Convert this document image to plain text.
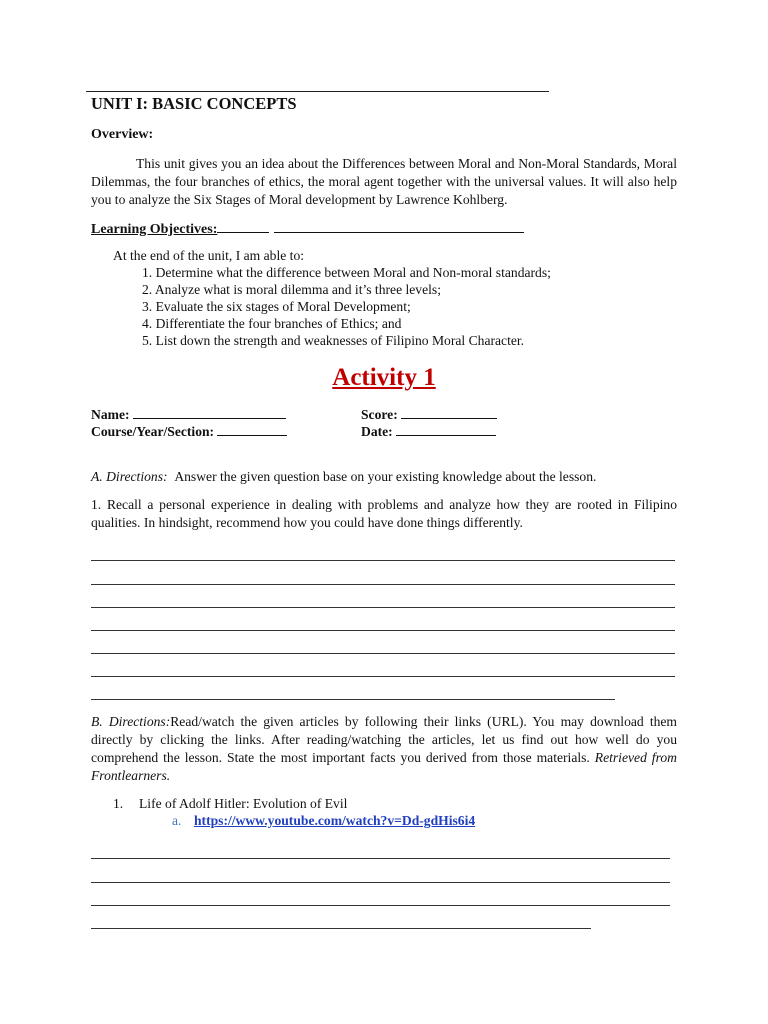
UNIT I: BASIC CONCEPTS
Overview:
This unit gives you an idea about the Differences between Moral and Non-Moral Standards, Moral Dilemmas, the four branches of ethics, the moral agent together with the universal values. It will also help you to analyze the Six Stages of Moral development by Lawrence Kohlberg.
Learning Objectives:
At the end of the unit, I am able to:
1. Determine what the difference between Moral and Non-moral standards;
2. Analyze what is moral dilemma and it’s three levels;
3. Evaluate the six stages of Moral Development;
4. Differentiate the four branches of Ethics; and
5. List down the strength and weaknesses of Filipino Moral Character.
Activity 1
Name:	Score:
Course/Year/Section:	Date:
A. Directions: Answer the given question base on your existing knowledge about the lesson.
1. Recall a personal experience in dealing with problems and analyze how they are rooted in Filipino qualities. In hindsight, recommend how you could have done things differently.
B. Directions:Read/watch the given articles by following their links (URL). You may download them directly by clicking the links. After reading/watching the articles, let us find out how well do you comprehend the lesson. State the most important facts you derived from those materials. Retrieved from Frontlearners.
1. Life of Adolf Hitler: Evolution of Evil
a. https://www.youtube.com/watch?v=Dd-gdHis6i4
